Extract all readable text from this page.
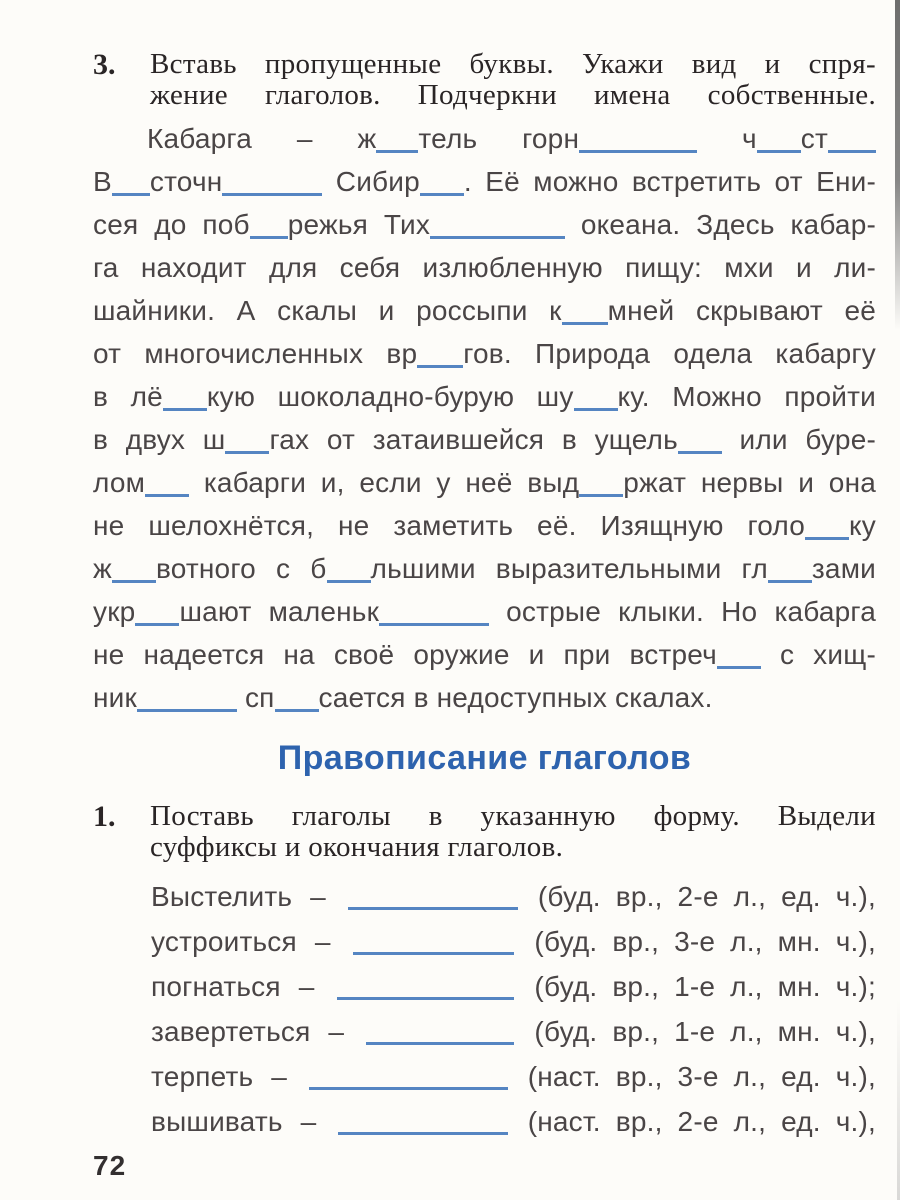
3.	Вставь пропущенные буквы. Укажи вид и спря-
жение глаголов. Подчеркни имена собственные.
Кабарга – ж тель горн	ч ст
В сточн	Сибир . Её можно встретить от Ени-
сея до поб режья Тих	океана. Здесь кабар-
га находит для себя излюбленную пищу: мхи и ли-
шайники. А скалы и россыпи к мней скрывают её
от многочисленных вр гов. Природа одела кабаргу
в лё кую шоколадно-бурую шу ку. Можно пройти
в двух ш гах от затаившейся в ущель или буре-
лом кабарги и, если у неё выд ржат нервы и она
не шелохнётся, не заметить её. Изящную голо ку
ж вотного с б льшими выразительными гл зами
укр шают маленьк	острые клыки. Но кабарга
не надеется на своё оружие и при встреч с хищ-
ник	сп сается в недоступных скалах.
Правописание глаголов
1.	Поставь глаголы в указанную форму. Выдели
суффиксы и окончания глаголов.
Выстелить –	(буд. вр., 2-е л., ед. ч.),
устроиться –	(буд. вр., 3-е л., мн. ч.),
погнаться –	(буд. вр., 1-е л., мн. ч.);
завертеться –	(буд. вр., 1-е л., мн. ч.),
терпеть –	(наст. вр., 3-е л., ед. ч.),
вышивать –	(наст. вр., 2-е л., ед. ч.),
72
